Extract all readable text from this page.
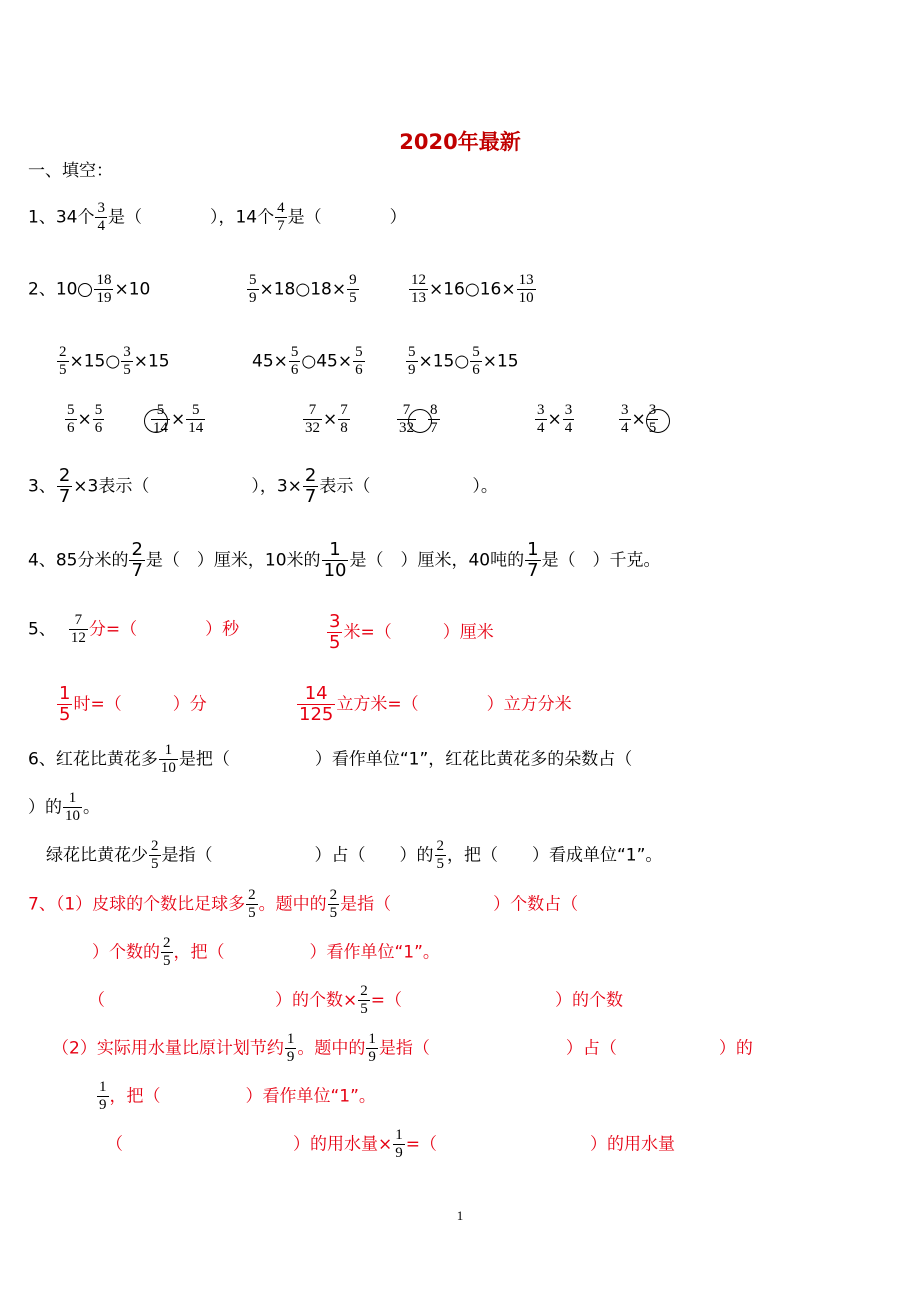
2020年最新
一、填空：
1、34个 $\frac{3}{4}$ 是（　　　　），14个 $\frac{4}{7}$ 是（　　　　）
2、$10 \frac{18}{19} \times 10$	$\frac{5}{9}$ ×18○18× $\frac{9}{5}$	$\frac{12}{13}$ ×16○16× $\frac{13}{10}$
$\frac{2}{5}$ ×15○ $\frac{3}{5} \times 15$	$45\times \frac{5}{6}$ ○45× $\frac{5}{6}$	$\frac{5}{9}$ ×15○ $\frac{5}{6} \times 15$
$\frac{5}{6} \times \frac{5}{6}$	$\frac{5}{14} \times \frac{5}{14}$	$\frac{7}{32} \times \frac{7}{8}$	$\frac{7}{32} \frac{8}{7}$	$\frac{3}{4} \times \frac{3}{4}$	$\frac{3}{4} \times \frac{3}{5}$
3、 $\frac{2}{7} \times 3$表示（　　　　　　），$3\times \frac{2}{7}$ 表示（　　　　　　）。
4、85分米的 $\frac{2}{7}$ 是（　）厘米，10米的 $\frac{1}{10}$ 是（　）厘米，40吨的 $\frac{1}{7}$ 是（　）千克。
5、 $\frac{7}{12}$ 分=（　　　　）秒	$\frac{3}{5}$ 米=（　　　）厘米
$\frac{1}{5}$ 时=（　　　）分	$\frac{14}{125}$ 立方米=（　　　　）立方分米
6、红花比黄花多 $\frac{1}{10}$ 是把（　　　　　）看作单位“1”，红花比黄花多的朵数占（
）的 $\frac{1}{10}$ 。
绿花比黄花少 $\frac{2}{5}$ 是指（　　　　　　）占（　　）的 $\frac{2}{5}$ ，把（　　）看成单位“1”。
7、（1）皮球的个数比足球多 $\frac{2}{5}$ 。题中的 $\frac{2}{5}$ 是指（　　　　　　）个数占（
）个数的 $\frac{2}{5}$ ，把（　　　　　）看作单位“1”。
（　　　　　　　　　　）的个数× $\frac{2}{5}$ =（　　　　　　　　　）的个数
（2）实际用水量比原计划节约 $\frac{1}{9}$ 。题中的 $\frac{1}{9}$ 是指（　　　　　　　　）占（　　　　　　）的
$\frac{1}{9}$ ，把（　　　　　）看作单位“1”。
（　　　　　　　　　　）的用水量× $\frac{1}{9}$ =（　　　　　　　　　）的用水量
1
